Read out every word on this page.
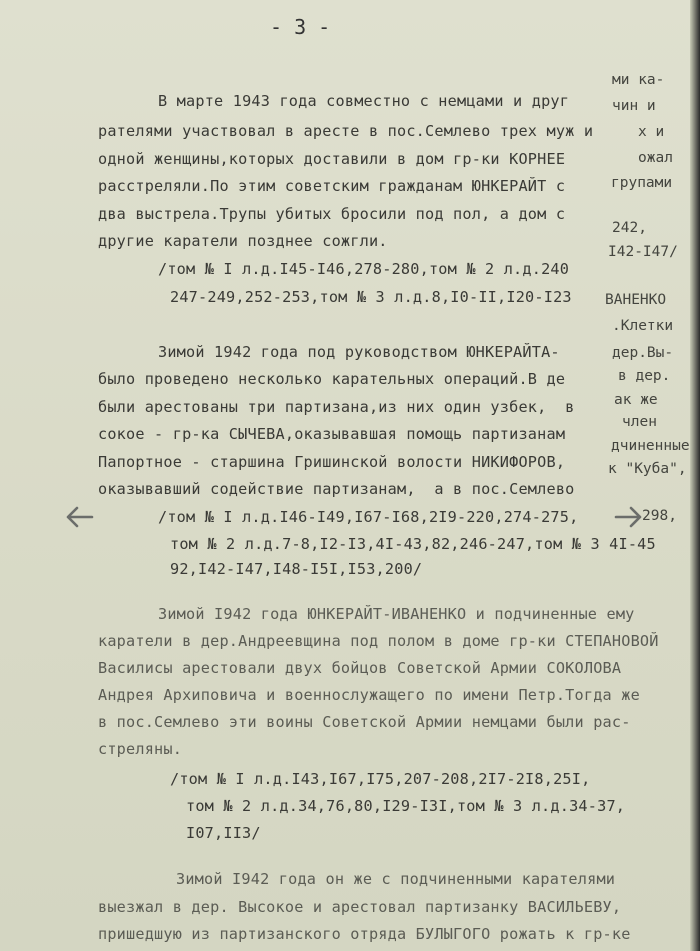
- 3 -
В марте 1943 года совместно с немцами и друг
рателями участвовал в аресте в пос.Семлево трех муж и
одной женщины,которых доставили в дом гр-ки КОРНЕЕ
расстреляли.По этим советским гражданам ЮНКЕРАЙТ с
два выстрела.Трупы убитых бросили под пол, а дом с
другие каратели позднее сожгли.
/том № I л.д.I45-I46,278-280,том № 2 л.д.240
247-249,252-253,том № 3 л.д.8,I0-II,I20-I23
Зимой 1942 года под руководством ЮНКЕРАЙТА-
было проведено несколько карательных операций.В де
были арестованы три партизана,из них один узбек,  в
сокое - гр-ка СЫЧЕВА,оказывавшая помощь партизанам
Папортное - старшина Гришинской волости НИКИФОРОВ,
оказывавший содействие партизанам,  а в пос.Семлево
/том № I л.д.I46-I49,I67-I68,2I9-220,274-275,
том № 2 л.д.7-8,I2-I3,4I-43,82,246-247,том № 3 4I-45
92,I42-I47,I48-I5I,I53,200/
Зимой I942 года ЮНКЕРАЙТ-ИВАНЕНКО и подчиненные ему
каратели в дер.Андреевщина под полом в доме гр-ки СТЕПАНОВОЙ
Василисы арестовали двух бойцов Советской Армии СОКОЛОВА
Андрея Архиповича и военнослужащего по имени Петр.Тогда же
в пос.Семлево эти воины Советской Армии немцами были рас-
стреляны.
/том № I л.д.I43,I67,I75,207-208,2I7-2I8,25I,
том № 2 л.д.34,76,80,I29-I3I,том № 3 л.д.34-37,
I07,II3/
Зимой I942 года он же с подчиненными карателями
выезжал в дер. Высокое и арестовал партизанку ВАСИЛЬЕВУ,
пришедшую из партизанского отряда БУЛЫГОГО рожать к гр-ке
ми ка-
чин и
х и
ожал
групами
242,
I42-I47/
ВАНЕНКО
.Клетки
дер.Вы-
в дер.
ак же
член
дчиненные
к "Куба",
298,
